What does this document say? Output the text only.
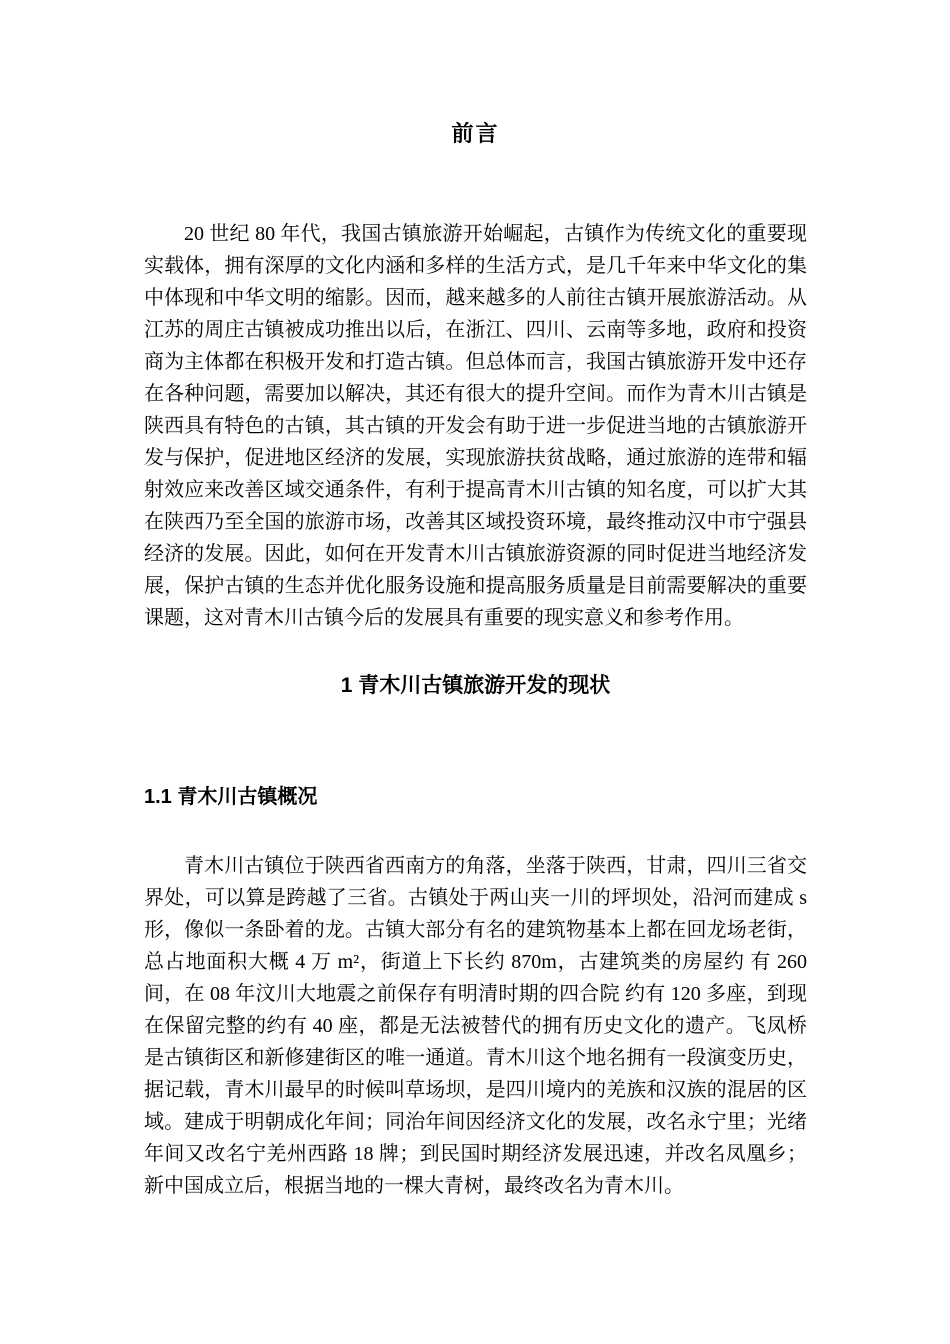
前言

20 世纪 80 年代，我国古镇旅游开始崛起，古镇作为传统文化的重要现实载体，拥有深厚的文化内涵和多样的生活方式，是几千年来中华文化的集中体现和中华文明的缩影。因而，越来越多的人前往古镇开展旅游活动。从江苏的周庄古镇被成功推出以后，在浙江、四川、云南等多地，政府和投资商为主体都在积极开发和打造古镇。但总体而言，我国古镇旅游开发中还存在各种问题，需要加以解决，其还有很大的提升空间。而作为青木川古镇是陕西具有特色的古镇，其古镇的开发会有助于进一步促进当地的古镇旅游开发与保护，促进地区经济的发展，实现旅游扶贫战略，通过旅游的连带和辐射效应来改善区域交通条件，有利于提高青木川古镇的知名度，可以扩大其在陕西乃至全国的旅游市场，改善其区域投资环境，最终推动汉中市宁强县经济的发展。因此，如何在开发青木川古镇旅游资源的同时促进当地经济发展，保护古镇的生态并优化服务设施和提高服务质量是目前需要解决的重要课题，这对青木川古镇今后的发展具有重要的现实意义和参考作用。

1 青木川古镇旅游开发的现状
1.1 青木川古镇概况

青木川古镇位于陕西省西南方的角落，坐落于陕西，甘肃，四川三省交界处，可以算是跨越了三省。古镇处于两山夹一川的坪坝处，沿河而建成 s 形，像似一条卧着的龙。古镇大部分有名的建筑物基本上都在回龙场老街，总占地面积大概 4 万 m²，街道上下长约 870m，古建筑类的房屋约 有 260 间，在 08 年汶川大地震之前保存有明清时期的四合院 约有 120 多座，到现在保留完整的约有 40 座，都是无法被替代的拥有历史文化的遗产。飞凤桥是古镇街区和新修建街区的唯一通道。青木川这个地名拥有一段演变历史，据记载，青木川最早的时候叫草场坝，是四川境内的羌族和汉族的混居的区域。建成于明朝成化年间；同治年间因经济文化的发展，改名永宁里；光绪年间又改名宁羌州西路 18 牌；到民国时期经济发展迅速，并改名凤凰乡；新中国成立后，根据当地的一棵大青树，最终改名为青木川。
